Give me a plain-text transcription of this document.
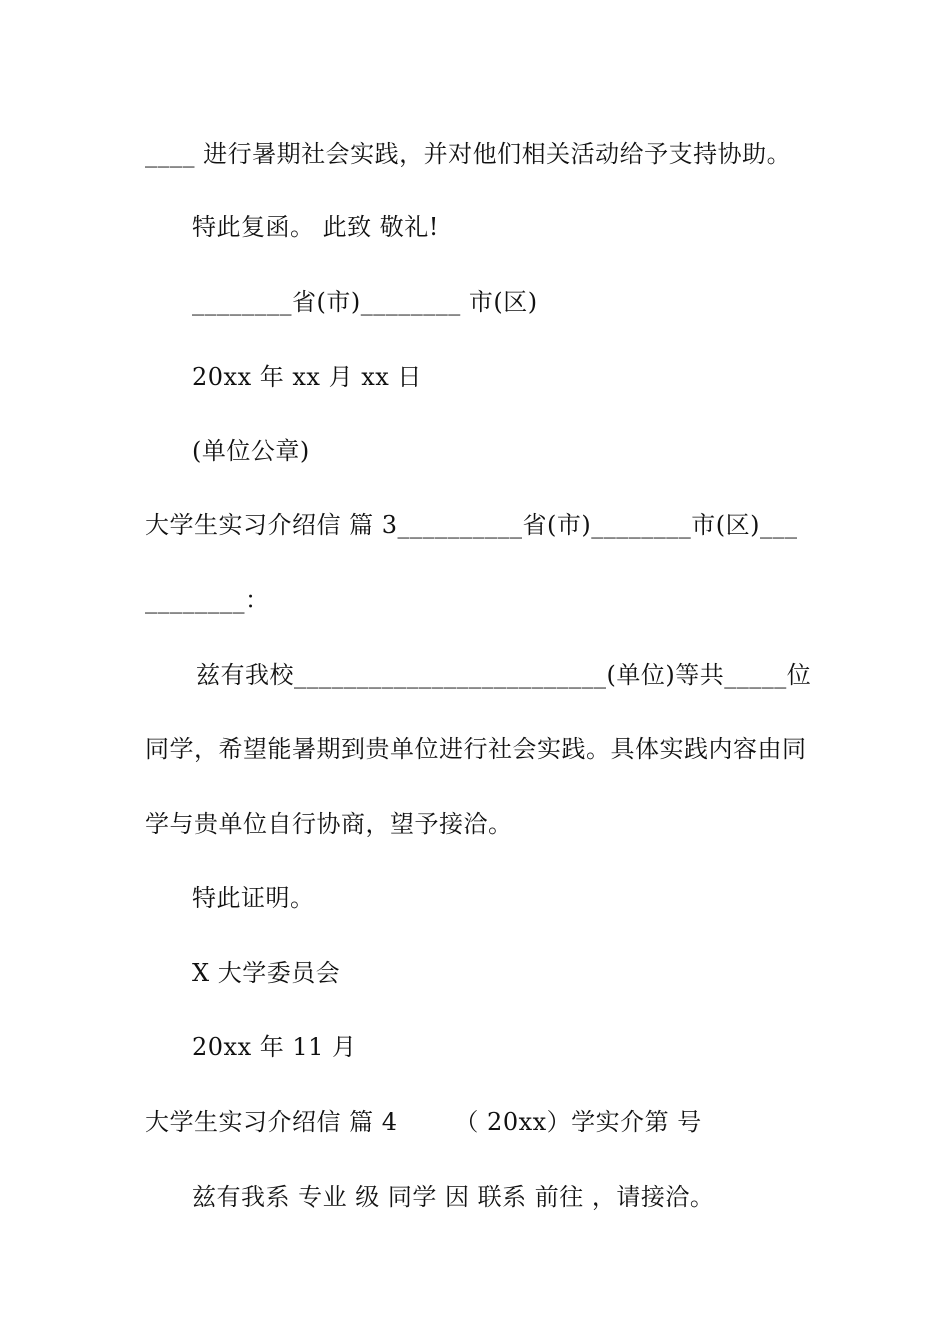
____ 进行暑期社会实践，并对他们相关活动给予支持协助。
特此复函。 此致 敬礼!
________省(市)________ 市(区)
20xx 年 xx 月 xx 日
(单位公章)
大学生实习介绍信 篇 3__________省(市)________市(区)___
________：
兹有我校_________________________(单位)等共_____位
同学，希望能暑期到贵单位进行社会实践。具体实践内容由同
学与贵单位自行协商，望予接洽。
特此证明。
X 大学委员会
20xx 年 11 月
大学生实习介绍信 篇 4       （ 20xx）学实介第 号
兹有我系 专业 级 同学 因 联系 前往 ，请接洽。
